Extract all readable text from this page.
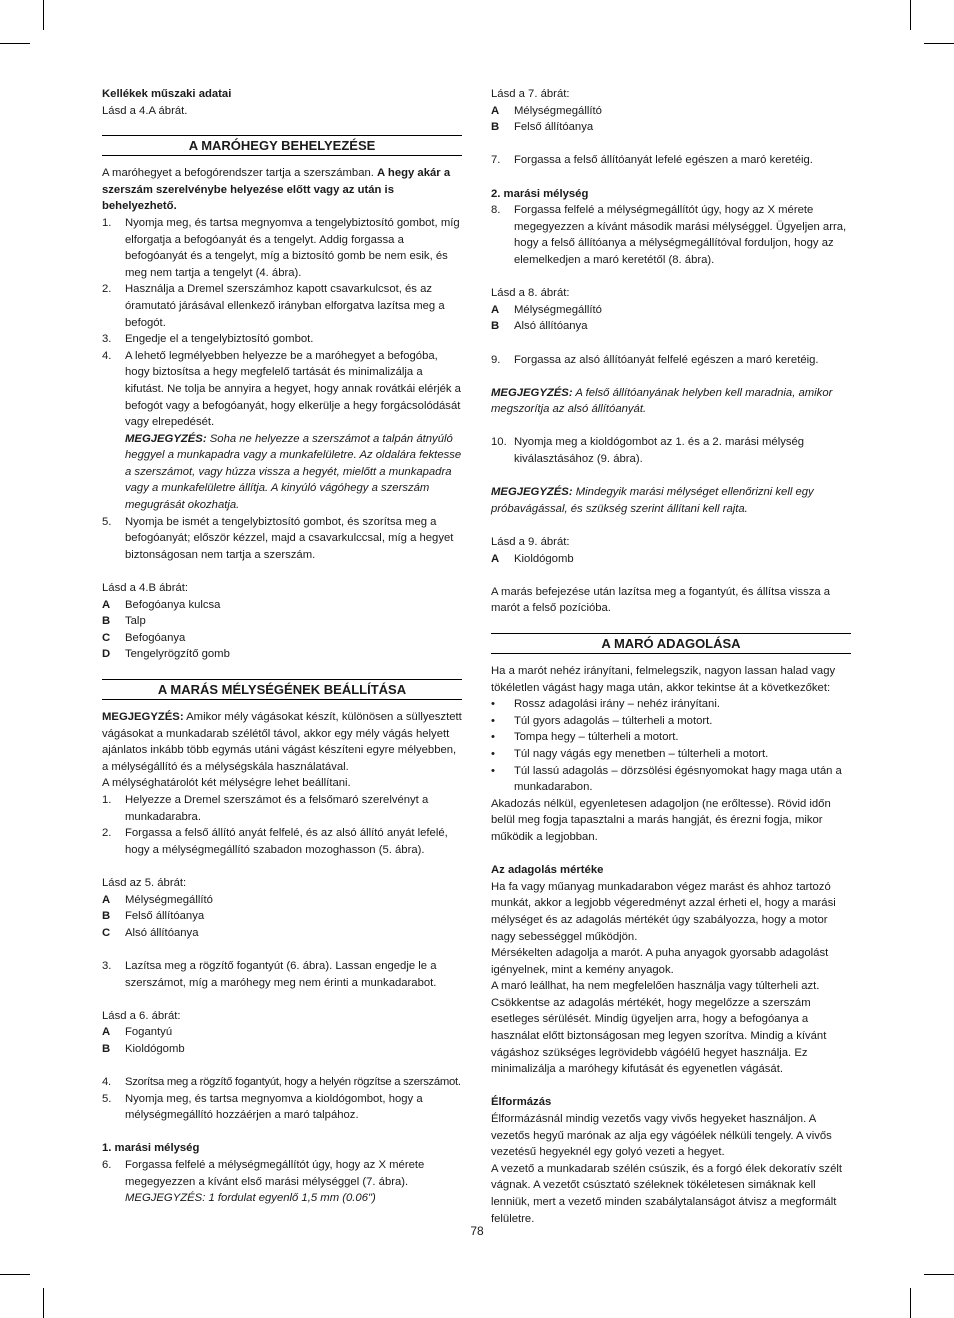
Kellékek műszaki adatai

Lásd a 4.A ábrát.

A MARÓHEGY BEHELYEZÉSE

A maróhegyet a befogórendszer tartja a szerszámban. A hegy akár a szerszám szerelvénybe helyezése előtt vagy az után is behelyezhető.

1.	Nyomja meg, és tartsa megnyomva a tengelybiztosító gombot, míg elforgatja a befogóanyát és a tengelyt. Addig forgassa a befogóanyát és a tengelyt, míg a biztosító gomb be nem esik, és meg nem tartja a tengelyt (4. ábra).
2.	Használja a Dremel szerszámhoz kapott csavarkulcsot, és az óramutató járásával ellenkező irányban elforgatva lazítsa meg a befogót.
3.	Engedje el a tengelybiztosító gombot.
4.	A lehető legmélyebben helyezze be a maróhegyet a befogóba, hogy biztosítsa a hegy megfelelő tartását és minimalizálja a kifutást. Ne tolja be annyira a hegyet, hogy annak rovátkái elérjék a befogót vagy a befogóanyát, hogy elkerülje a hegy forgácsolódását vagy elrepedését.

MEGJEGYZÉS: Soha ne helyezze a szerszámot a talpán átnyúló heggyel a munkapadra vagy a munkafelületre. Az oldalára fektesse a szerszámot, vagy húzza vissza a hegyét, mielőtt a munkapadra vagy a munkafelületre állítja. A kinyúló vágóhegy a szerszám megugrását okozhatja.

5.	Nyomja be ismét a tengelybiztosító gombot, és szorítsa meg a befogóanyát; először kézzel, majd a csavarkulccsal, míg a hegyet biztonságosan nem tartja a szerszám.

Lásd a 4.B ábrát:

A	Befogóanya kulcsa
B	Talp
C	Befogóanya
D	Tengelyrögzítő gomb
A MARÁS MÉLYSÉGÉNEK BEÁLLÍTÁSA

MEGJEGYZÉS: Amikor mély vágásokat készít, különösen a süllyesztett vágásokat a munkadarab szélétől távol, akkor egy mély vágás helyett ajánlatos inkább több egymás utáni vágást készíteni egyre mélyebben, a mélységállító és a mélységskála használatával.

A mélységhatárolót két mélységre lehet beállítani.

1.	Helyezze a Dremel szerszámot és a felsőmaró szerelvényt a munkadarabra.
2.	Forgassa a felső állító anyát felfelé, és az alsó állító anyát lefelé, hogy a mélységmegállító szabadon mozoghasson (5. ábra).

Lásd az 5. ábrát:

A	Mélységmegállító
B	Felső állítóanya
C	Alsó állítóanya
3.	Lazítsa meg a rögzítő fogantyút (6. ábra). Lassan engedje le a szerszámot, míg a maróhegy meg nem érinti a munkadarabot.

Lásd a 6. ábrát:

A	Fogantyú
B	Kioldógomb
4.	Szorítsa meg a rögzítő fogantyút, hogy a helyén rögzítse a szerszámot.
5.	Nyomja meg, és tartsa megnyomva a kioldógombot, hogy a mélységmegállító hozzáérjen a maró talpához.

1. marási mélység

6.	Forgassa felfelé a mélységmegállítót úgy, hogy az X mérete megegyezzen a kívánt első marási mélységgel (7. ábra).

MEGJEGYZÉS: 1 fordulat egyenlő 1,5 mm (0.06")

Lásd a 7. ábrát:

A	Mélységmegállító
B	Felső állítóanya
7.	Forgassa a felső állítóanyát lefelé egészen a maró keretéig.

2. marási mélység

8.	Forgassa felfelé a mélységmegállítót úgy, hogy az X mérete megegyezzen a kívánt második marási mélységgel. Ügyeljen arra, hogy a felső állítóanya a mélységmegállítóval forduljon, hogy az elemelkedjen a maró keretétől (8. ábra).

Lásd a 8. ábrát:

A	Mélységmegállító
B	Alsó állítóanya
9.	Forgassa az alsó állítóanyát felfelé egészen a maró keretéig.

MEGJEGYZÉS: A felső állítóanyának helyben kell maradnia, amikor megszorítja az alsó állítóanyát.

10. Nyomja meg a kioldógombot az 1. és a 2. marási mélység kiválasztásához (9. ábra).

MEGJEGYZÉS: Mindegyik marási mélységet ellenőrizni kell egy próbavágással, és szükség szerint állítani kell rajta.

Lásd a 9. ábrát:

A	Kioldógomb

A marás befejezése után lazítsa meg a fogantyút, és állítsa vissza a marót a felső pozícióba.

A MARÓ ADAGOLÁSA

Ha a marót nehéz irányítani, felmelegszik, nagyon lassan halad vagy tökéletlen vágást hagy maga után, akkor tekintse át a következőket:

•	Rossz adagolási irány – nehéz irányítani.
•	Túl gyors adagolás – túlterheli a motort.
•	Tompa hegy – túlterheli a motort.
•	Túl nagy vágás egy menetben – túlterheli a motort.
•	Túl lassú adagolás – dörzsölési égésnyomokat hagy maga után a munkadarabon.

Akadozás nélkül, egyenletesen adagoljon (ne erőltesse). Rövid időn belül meg fogja tapasztalni a marás hangját, és érezni fogja, mikor működik a legjobban.

Az adagolás mértéke

Ha fa vagy műanyag munkadarabon végez marást és ahhoz tartozó munkát, akkor a legjobb végeredményt azzal érheti el, hogy a marási mélységet és az adagolás mértékét úgy szabályozza, hogy a motor nagy sebességgel működjön.

Mérsékelten adagolja a marót. A puha anyagok gyorsabb adagolást igényelnek, mint a kemény anyagok.

A maró leállhat, ha nem megfelelően használja vagy túlterheli azt. Csökkentse az adagolás mértékét, hogy megelőzze a szerszám esetleges sérülését. Mindig ügyeljen arra, hogy a befogóanya a használat előtt biztonságosan meg legyen szorítva. Mindig a kívánt vágáshoz szükséges legrövidebb vágóélű hegyet használja. Ez minimalizálja a maróhegy kifutását és egyenetlen vágását.

Élformázás

Élformázásnál mindig vezetős vagy vivős hegyeket használjon. A vezetős hegyű marónak az alja egy vágóélek nélküli tengely. A vivős vezetésű hegyeknél egy golyó vezeti a hegyet.

A vezető a munkadarab szélén csúszik, és a forgó élek dekoratív szélt vágnak. A vezetőt csúsztató széleknek tökéletesen simáknak kell lenniük, mert a vezető minden szabálytalanságot átvisz a megformált felületre.

78
